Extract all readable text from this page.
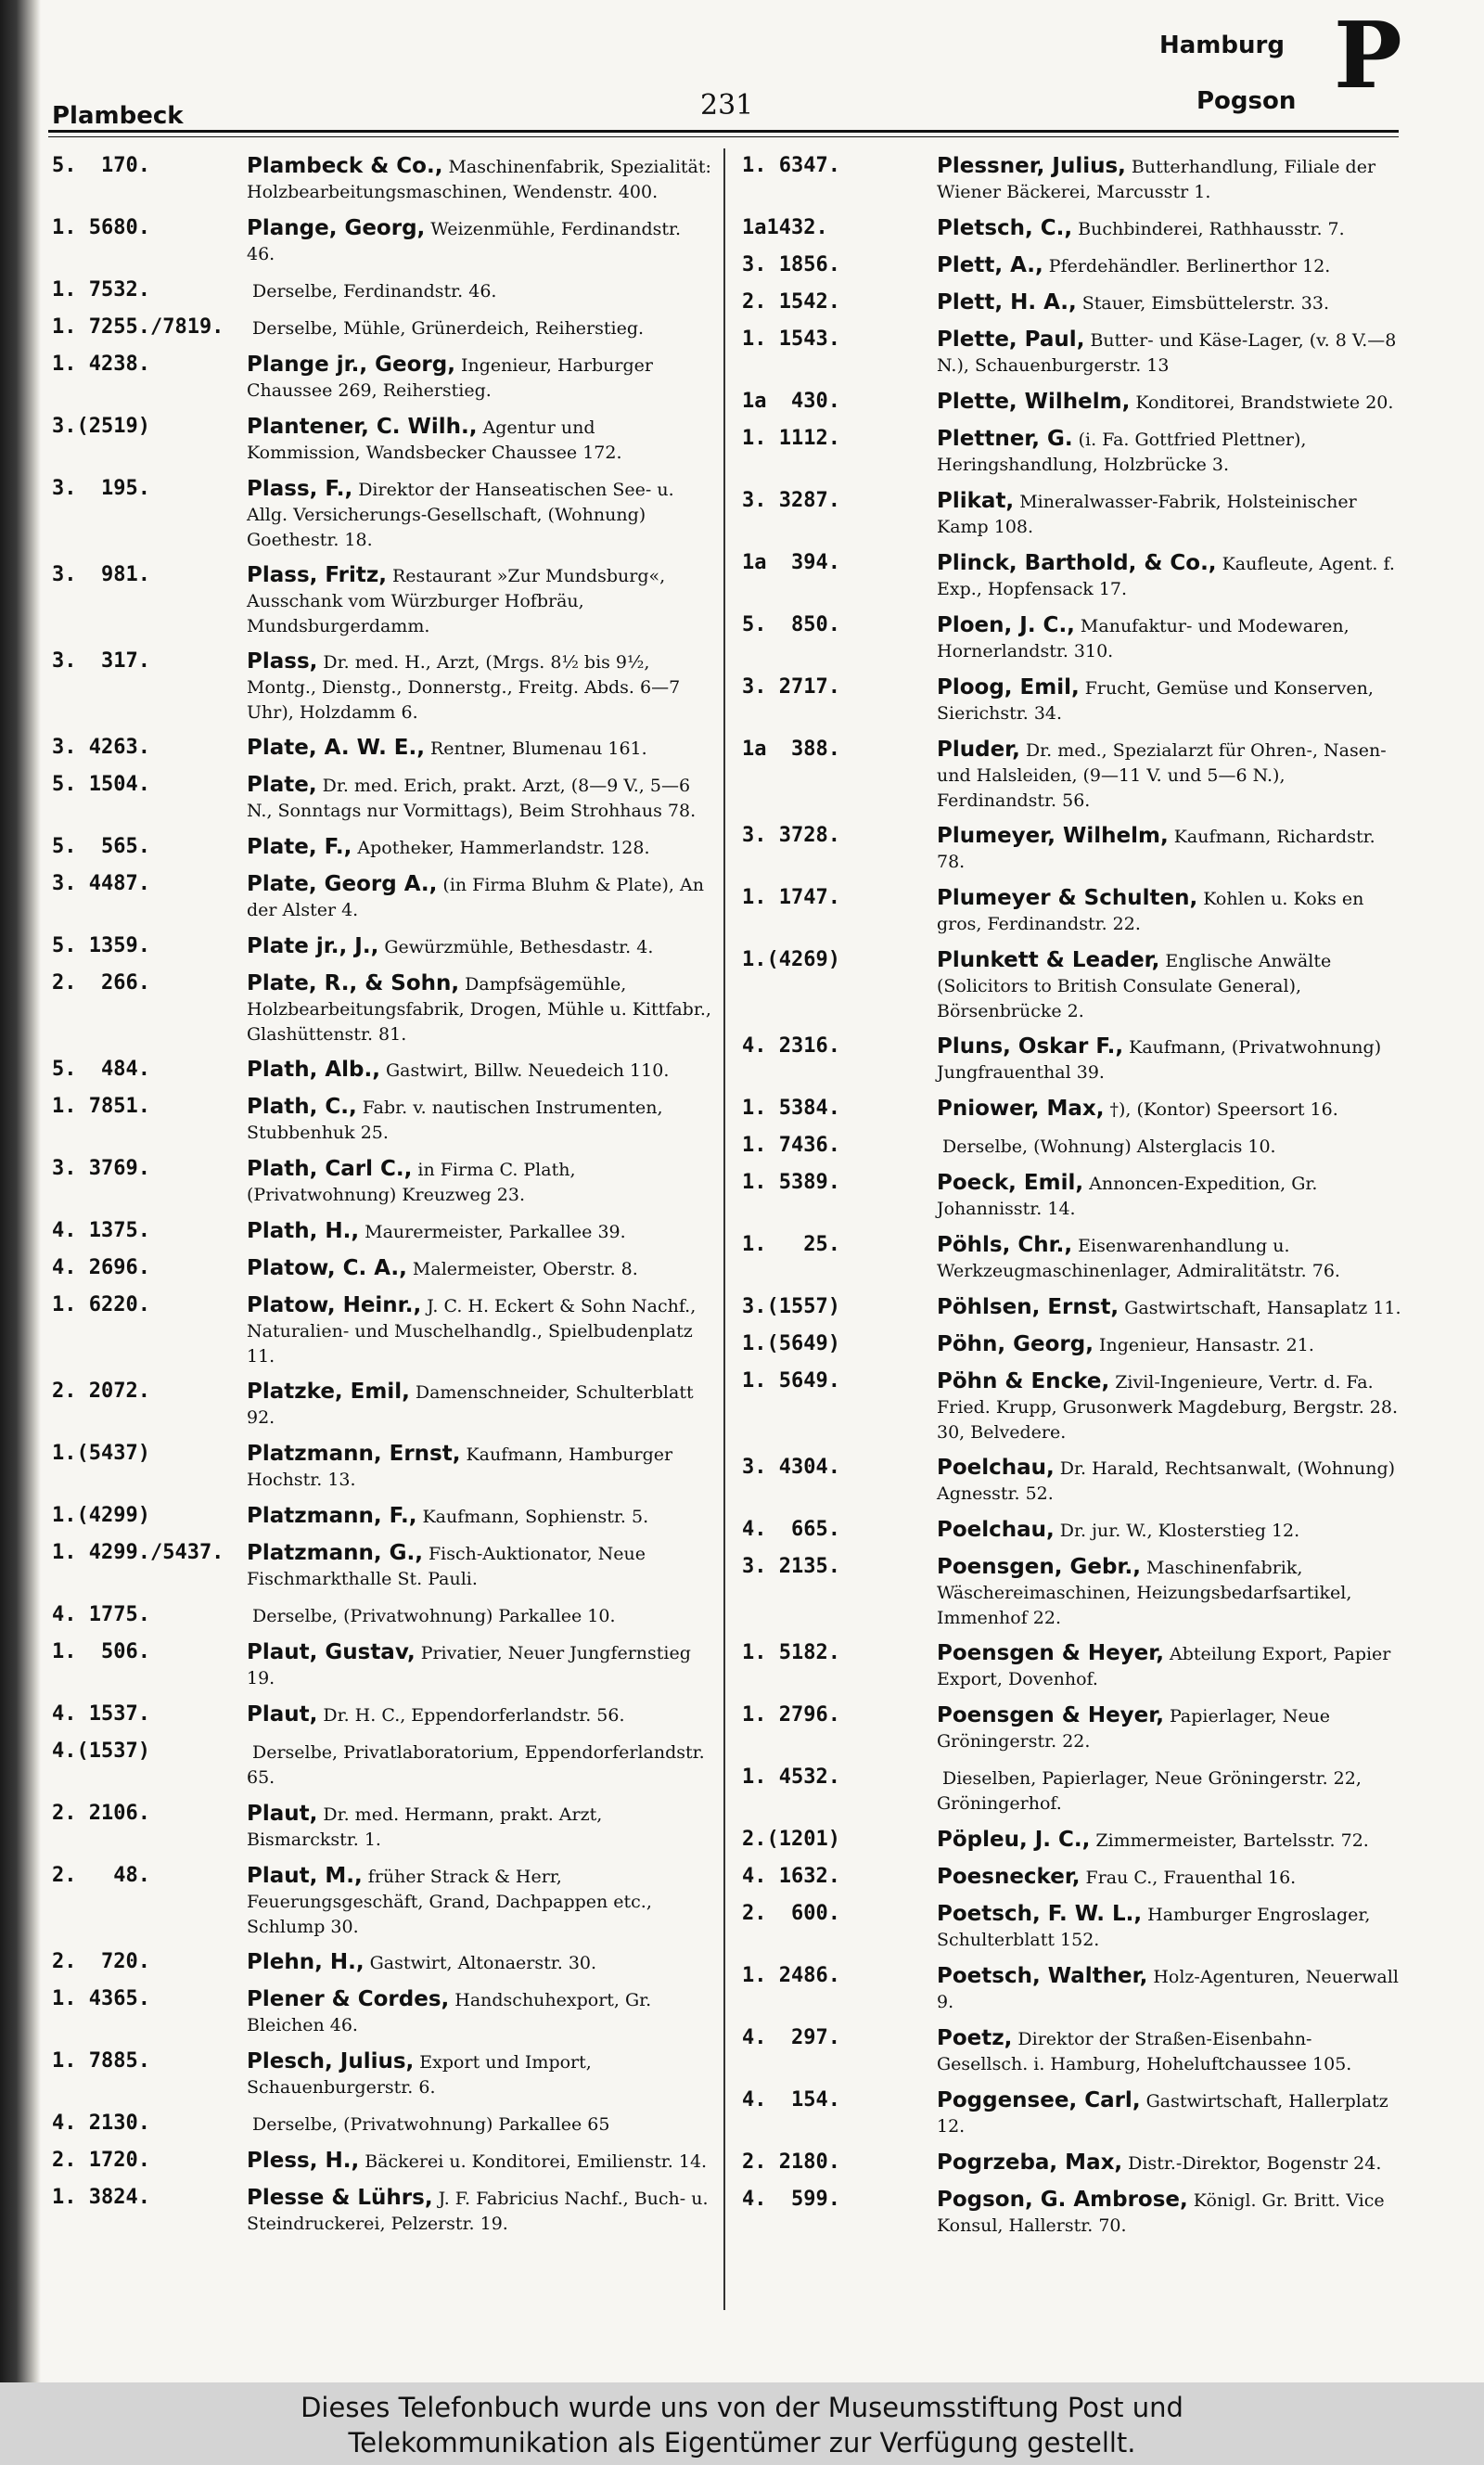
Plambeck	231
Hamburg
Pogson P
5.  170.	Plambeck & Co., Maschinenfabrik, Spezialität: Holzbearbeitungsmaschinen, Wendenstr. 400.
1. 5680.	Plange, Georg, Weizenmühle, Ferdinandstr. 46.
1. 7532.	Derselbe, Ferdinandstr. 46.
1. 7255./7819.	Derselbe, Mühle, Grünerdeich, Reiherstieg.
1. 4238.	Plange jr., Georg, Ingenieur, Harburger Chaussee 269, Reiherstieg.
3.(2519)	Plantener, C. Wilh., Agentur und Kommission, Wandsbecker Chaussee 172.
3.  195.	Plass, F., Direktor der Hanseatischen See- u. Allg. Versicherungs-Gesellschaft, (Wohnung) Goethestr. 18.
3.  981.	Plass, Fritz, Restaurant »Zur Mundsburg«, Ausschank vom Würzburger Hofbräu, Mundsburgerdamm.
3.  317.	Plass, Dr. med. H., Arzt, (Mrgs. 8½ bis 9½, Montg., Dienstg., Donnerstg., Freitg. Abds. 6—7 Uhr), Holzdamm 6.
3. 4263.	Plate, A. W. E., Rentner, Blumenau 161.
5. 1504.	Plate, Dr. med. Erich, prakt. Arzt, (8—9 V., 5—6 N., Sonntags nur Vormittags), Beim Strohhaus 78.
5.  565.	Plate, F., Apotheker, Hammerlandstr. 128.
3. 4487.	Plate, Georg A., (in Firma Bluhm & Plate), An der Alster 4.
5. 1359.	Plate jr., J., Gewürzmühle, Bethesdastr. 4.
2.  266.	Plate, R., & Sohn, Dampfsägemühle, Holzbearbeitungsfabrik, Drogen, Mühle u. Kittfabr., Glashüttenstr. 81.
5.  484.	Plath, Alb., Gastwirt, Billw. Neuedeich 110.
1. 7851.	Plath, C., Fabr. v. nautischen Instrumenten, Stubbenhuk 25.
3. 3769.	Plath, Carl C., in Firma C. Plath, (Privatwohnung) Kreuzweg 23.
4. 1375.	Plath, H., Maurermeister, Parkallee 39.
4. 2696.	Platow, C. A., Malermeister, Oberstr. 8.
1. 6220.	Platow, Heinr., J. C. H. Eckert & Sohn Nachf., Naturalien- und Muschelhandlg., Spielbudenplatz 11.
2. 2072.	Platzke, Emil, Damenschneider, Schulterblatt 92.
1.(5437)	Platzmann, Ernst, Kaufmann, Hamburger Hochstr. 13.
1.(4299)	Platzmann, F., Kaufmann, Sophienstr. 5.
1. 4299./5437.	Platzmann, G., Fisch-Auktionator, Neue Fischmarkthalle St. Pauli.
4. 1775.	Derselbe, (Privatwohnung) Parkallee 10.
1.  506.	Plaut, Gustav, Privatier, Neuer Jungfernstieg 19.
4. 1537.	Plaut, Dr. H. C., Eppendorferlandstr. 56.
4.(1537)	Derselbe, Privatlaboratorium, Eppendorferlandstr. 65.
2. 2106.	Plaut, Dr. med. Hermann, prakt. Arzt, Bismarckstr. 1.
2.   48.	Plaut, M., früher Strack & Herr, Feuerungsgeschäft, Grand, Dachpappen etc., Schlump 30.
2.  720.	Plehn, H., Gastwirt, Altonaerstr. 30.
1. 4365.	Plener & Cordes, Handschuhexport, Gr. Bleichen 46.
1. 7885.	Plesch, Julius, Export und Import, Schauenburgerstr. 6.
4. 2130.	Derselbe, (Privatwohnung) Parkallee 65
2. 1720.	Pless, H., Bäckerei u. Konditorei, Emilienstr. 14.
1. 3824.	Plesse & Lührs, J. F. Fabricius Nachf., Buch- u. Steindruckerei, Pelzerstr. 19.
1. 6347.	Plessner, Julius, Butterhandlung, Filiale der Wiener Bäckerei, Marcusstr 1.
1a1432.	Pletsch, C., Buchbinderei, Rathhausstr. 7.
3. 1856.	Plett, A., Pferdehändler. Berlinerthor 12.
2. 1542.	Plett, H. A., Stauer, Eimsbüttelerstr. 33.
1. 1543.	Plette, Paul, Butter- und Käse-Lager, (v. 8 V.—8 N.), Schauenburgerstr. 13
1a  430.	Plette, Wilhelm, Konditorei, Brandstwiete 20.
1. 1112.	Plettner, G. (i. Fa. Gottfried Plettner), Heringshandlung, Holzbrücke 3.
3. 3287.	Plikat, Mineralwasser-Fabrik, Holsteinischer Kamp 108.
1a  394.	Plinck, Barthold, & Co., Kaufleute, Agent. f. Exp., Hopfensack 17.
5.  850.	Ploen, J. C., Manufaktur- und Modewaren, Hornerlandstr. 310.
3. 2717.	Ploog, Emil, Frucht, Gemüse und Konserven, Sierichstr. 34.
1a  388.	Pluder, Dr. med., Spezialarzt für Ohren-, Nasen- und Halsleiden, (9—11 V. und 5—6 N.), Ferdinandstr. 56.
3. 3728.	Plumeyer, Wilhelm, Kaufmann, Richardstr. 78.
1. 1747.	Plumeyer & Schulten, Kohlen u. Koks en gros, Ferdinandstr. 22.
1.(4269)	Plunkett & Leader, Englische Anwälte (Solicitors to British Consulate General), Börsenbrücke 2.
4. 2316.	Pluns, Oskar F., Kaufmann, (Privatwohnung) Jungfrauenthal 39.
1. 5384.	Pniower, Max, †), (Kontor) Speersort 16.
1. 7436.	Derselbe, (Wohnung) Alsterglacis 10.
1. 5389.	Poeck, Emil, Annoncen-Expedition, Gr. Johannisstr. 14.
1.   25.	Pöhls, Chr., Eisenwarenhandlung u. Werkzeugmaschinenlager, Admiralitätstr. 76.
3.(1557)	Pöhlsen, Ernst, Gastwirtschaft, Hansaplatz 11.
1.(5649)	Pöhn, Georg, Ingenieur, Hansastr. 21.
1. 5649.	Pöhn & Encke, Zivil-Ingenieure, Vertr. d. Fa. Fried. Krupp, Grusonwerk Magdeburg, Bergstr. 28. 30, Belvedere.
3. 4304.	Poelchau, Dr. Harald, Rechtsanwalt, (Wohnung) Agnesstr. 52.
4.  665.	Poelchau, Dr. jur. W., Klosterstieg 12.
3. 2135.	Poensgen, Gebr., Maschinenfabrik, Wäschereimaschinen, Heizungsbedarfsartikel, Immenhof 22.
1. 5182.	Poensgen & Heyer, Abteilung Export, Papier Export, Dovenhof.
1. 2796.	Poensgen & Heyer, Papierlager, Neue Gröningerstr. 22.
1. 4532.	Dieselben, Papierlager, Neue Gröningerstr. 22, Gröningerhof.
2.(1201)	Pöpleu, J. C., Zimmermeister, Bartelsstr. 72.
4. 1632.	Poesnecker, Frau C., Frauenthal 16.
2.  600.	Poetsch, F. W. L., Hamburger Engroslager, Schulterblatt 152.
1. 2486.	Poetsch, Walther, Holz-Agenturen, Neuerwall 9.
4.  297.	Poetz, Direktor der Straßen-Eisenbahn-Gesellsch. i. Hamburg, Hoheluftchaussee 105.
4.  154.	Poggensee, Carl, Gastwirtschaft, Hallerplatz 12.
2. 2180.	Pogrzeba, Max, Distr.-Direktor, Bogenstr 24.
4.  599.	Pogson, G. Ambrose, Königl. Gr. Britt. Vice Konsul, Hallerstr. 70.
Dieses Telefonbuch wurde uns von der Museumsstiftung Post und
Telekommunikation als Eigentümer zur Verfügung gestellt.
